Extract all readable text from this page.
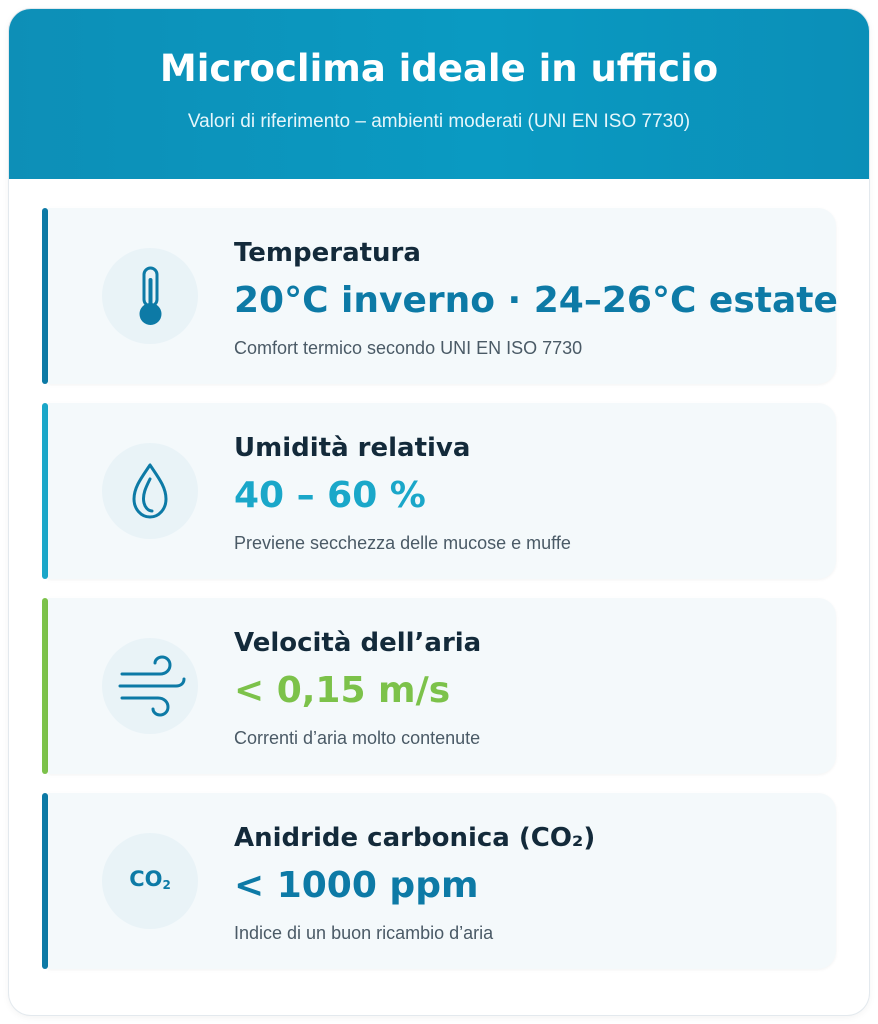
Microclima ideale in ufficio
Valori di riferimento – ambienti moderati (UNI EN ISO 7730)
Temperatura
20°C inverno · 24–26°C estate
Comfort termico secondo UNI EN ISO 7730
Umidità relativa
40 – 60 %
Previene secchezza delle mucose e muffe
Velocità dell’aria
< 0,15 m/s
Correnti d’aria molto contenute
$CO_2$
Anidride carbonica (CO₂)
< 1000 ppm
Indice di un buon ricambio d’aria
